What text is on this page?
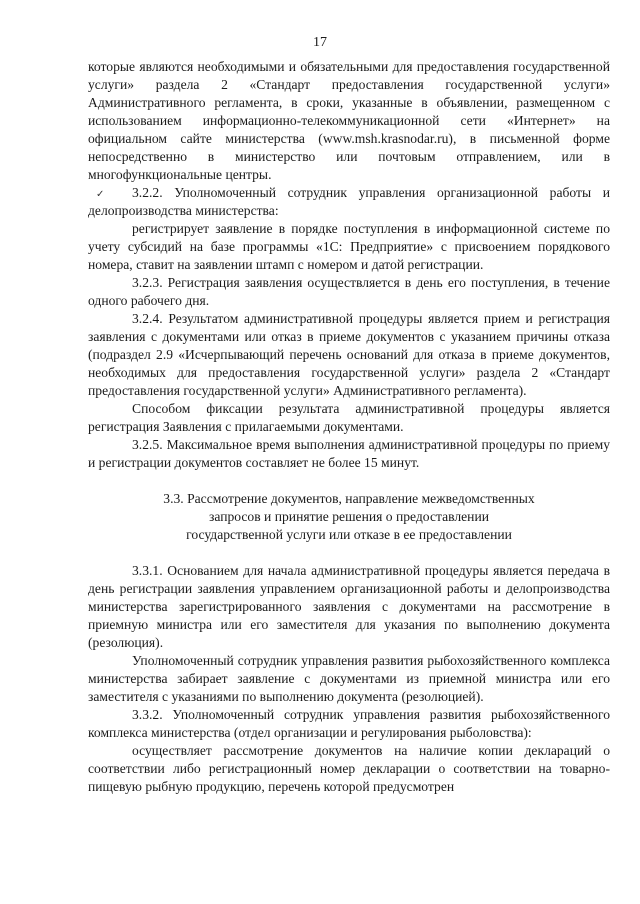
17
✓

которые являются необходимыми и обязательными для предоставления государственной услуги» раздела 2 «Стандарт предоставления государственной услуги» Административного регламента, в сроки, указанные в объявлении, размещенном с использованием информационно-телекоммуникационной сети «Интернет» на официальном сайте министерства (www.msh.krasnodar.ru), в письменной форме непосредственно в министерство или почтовым отправлением, или в многофункциональные центры.

3.2.2. Уполномоченный сотрудник управления организационной работы и делопроизводства министерства:

регистрирует заявление в порядке поступления в информационной системе по учету субсидий на базе программы «1С: Предприятие» с присвоением порядкового номера, ставит на заявлении штамп с номером и датой регистрации.

3.2.3. Регистрация заявления осуществляется в день его поступления, в течение одного рабочего дня.

3.2.4. Результатом административной процедуры является прием и регистрация заявления с документами или отказ в приеме документов с указанием причины отказа (подраздел 2.9 «Исчерпывающий перечень оснований для отказа в приеме документов, необходимых для предоставления государственной услуги» раздела 2 «Стандарт предоставления государственной услуги» Административного регламента).

Способом фиксации результата административной процедуры является регистрация Заявления с прилагаемыми документами.

3.2.5. Максимальное время выполнения административной процедуры по приему и регистрации документов составляет не более 15 минут.

3.3. Рассмотрение документов, направление межведомственных
запросов и принятие решения о предоставлении
государственной услуги или отказе в ее предоставлении

3.3.1. Основанием для начала административной процедуры является передача в день регистрации заявления управлением организационной работы и делопроизводства министерства зарегистрированного заявления с документами на рассмотрение в приемную министра или его заместителя для указания по выполнению документа (резолюция).

Уполномоченный сотрудник управления развития рыбохозяйственного комплекса министерства забирает заявление с документами из приемной министра или его заместителя с указаниями по выполнению документа (резолюцией).

3.3.2. Уполномоченный сотрудник управления развития рыбохозяйственного комплекса министерства (отдел организации и регулирования рыболовства):

осуществляет рассмотрение документов на наличие копии деклараций о соответствии либо регистрационный номер декларации о соответствии на товарно-пищевую рыбную продукцию, перечень которой предусмотрен
